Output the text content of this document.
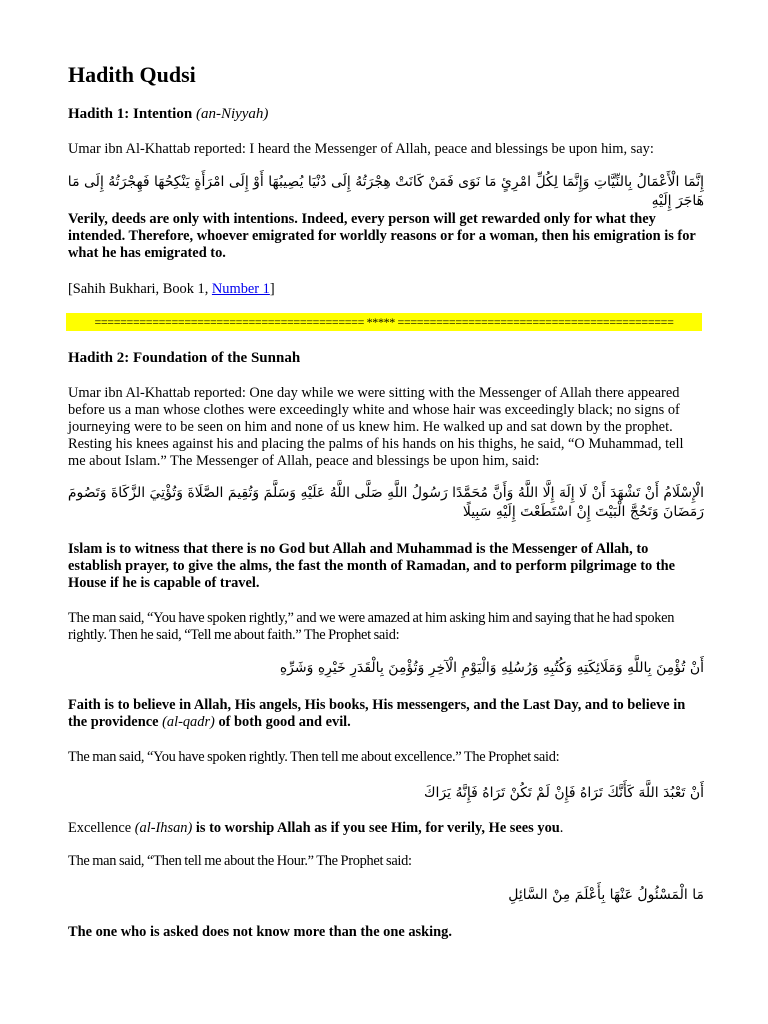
Hadith Qudsi

Hadith 1: Intention (an-Niyyah)

Umar ibn Al-Khattab reported: I heard the Messenger of Allah, peace and blessings be upon him, say:

إِنَّمَا الْأَعْمَالُ بِالنِّيَّاتِ وَإِنَّمَا لِكُلِّ امْرِئٍ مَا نَوَى فَمَنْ كَانَتْ هِجْرَتُهُ إِلَى دُنْيَا يُصِيبُهَا أَوْ إِلَى امْرَأَةٍ يَنْكِحُهَا فَهِجْرَتُهُ إِلَى مَا هَاجَرَ إِلَيْهِ

Verily, deeds are only with intentions. Indeed, every person will get rewarded only for what they intended. Therefore, whoever emigrated for worldly reasons or for a woman, then his emigration is for what he has emigrated to.

[Sahih Bukhari, Book 1, Number 1]

========================================== ***** ===========================================

Hadith 2: Foundation of the Sunnah

Umar ibn Al-Khattab reported: One day while we were sitting with the Messenger of Allah there appeared before us a man whose clothes were exceedingly white and whose hair was exceedingly black; no signs of journeying were to be seen on him and none of us knew him. He walked up and sat down by the prophet. Resting his knees against his and placing the palms of his hands on his thighs, he said, “O Muhammad, tell me about Islam.” The Messenger of Allah, peace and blessings be upon him, said:

الْإِسْلَامُ أَنْ تَشْهَدَ أَنْ لَا إِلَهَ إِلَّا اللَّهُ وَأَنَّ مُحَمَّدًا رَسُولُ اللَّهِ صَلَّى اللَّهُ عَلَيْهِ وَسَلَّمَ وَتُقِيمَ الصَّلَاةَ وَتُؤْتِيَ الزَّكَاةَ وَتَصُومَ رَمَضَانَ وَتَحُجَّ الْبَيْتَ إِنْ اسْتَطَعْتَ إِلَيْهِ سَبِيلًا

Islam is to witness that there is no God but Allah and Muhammad is the Messenger of Allah, to establish prayer, to give the alms, the fast the month of Ramadan, and to perform pilgrimage to the House if he is capable of travel.

The man said, “You have spoken rightly,” and we were amazed at him asking him and saying that he had spoken rightly. Then he said, “Tell me about faith.” The Prophet said:

أَنْ تُؤْمِنَ بِاللَّهِ وَمَلَائِكَتِهِ وَكُتُبِهِ وَرُسُلِهِ وَالْيَوْمِ الْآخِرِ وَتُؤْمِنَ بِالْقَدَرِ خَيْرِهِ وَشَرِّهِ

Faith is to believe in Allah, His angels, His books, His messengers, and the Last Day, and to believe in the providence (al-qadr) of both good and evil.

The man said, “You have spoken rightly. Then tell me about excellence.” The Prophet said:

أَنْ تَعْبُدَ اللَّهَ كَأَنَّكَ تَرَاهُ فَإِنْ لَمْ تَكُنْ تَرَاهُ فَإِنَّهُ يَرَاكَ

Excellence (al-Ihsan) is to worship Allah as if you see Him, for verily, He sees you.

The man said, “Then tell me about the Hour.” The Prophet said:

مَا الْمَسْئُولُ عَنْهَا بِأَعْلَمَ مِنْ السَّائِلِ

The one who is asked does not know more than the one asking.
